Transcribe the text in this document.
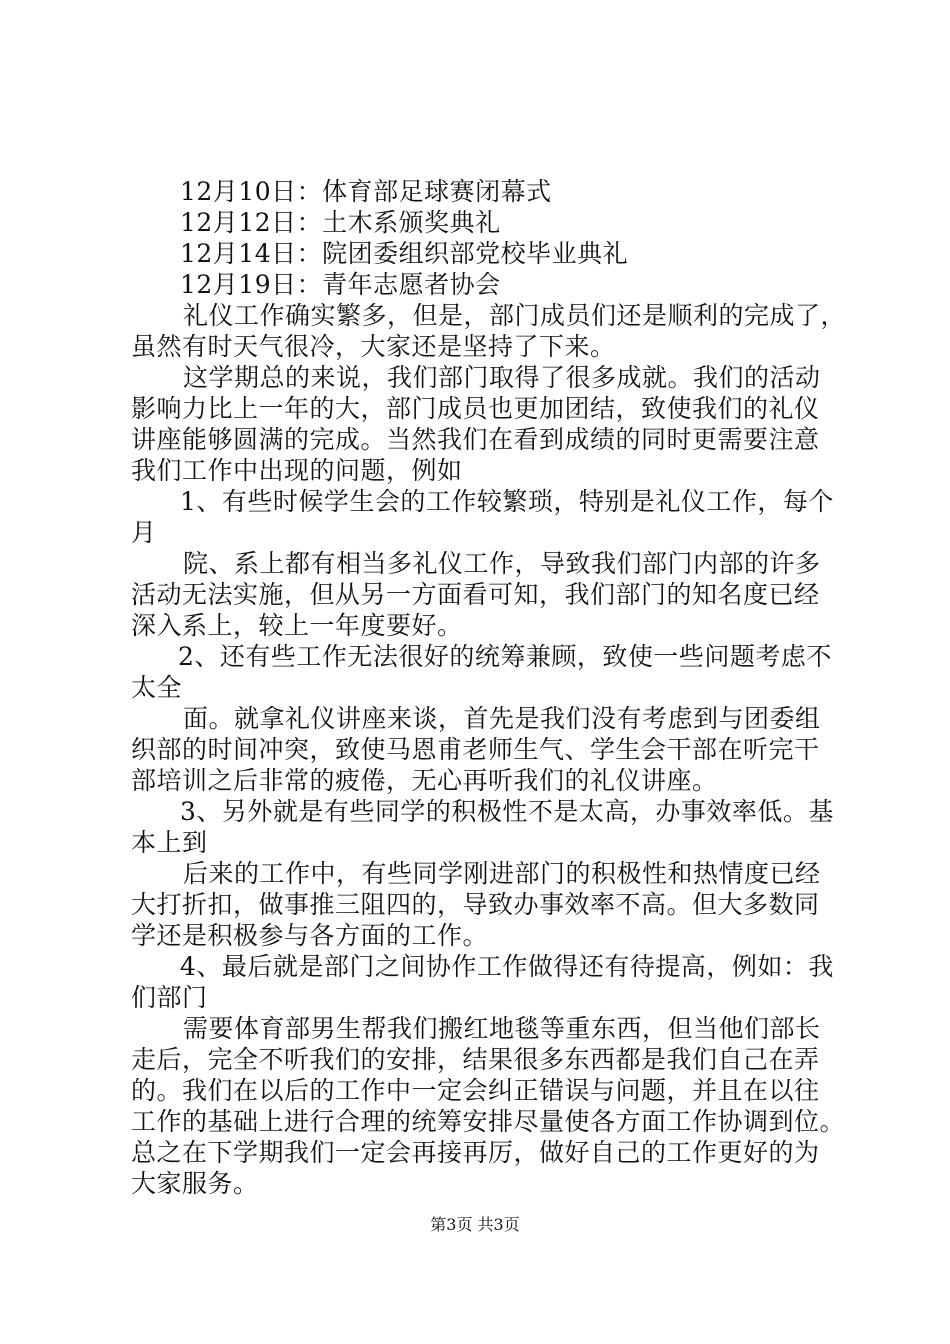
12月10日：体育部足球赛闭幕式
12月12日：土木系颁奖典礼
12月14日：院团委组织部党校毕业典礼
12月19日：青年志愿者协会
礼仪工作确实繁多，但是，部门成员们还是顺利的完成了，
虽然有时天气很冷，大家还是坚持了下来。
这学期总的来说，我们部门取得了很多成就。我们的活动
影响力比上一年的大，部门成员也更加团结，致使我们的礼仪
讲座能够圆满的完成。当然我们在看到成绩的同时更需要注意
我们工作中出现的问题，例如
1、有些时候学生会的工作较繁琐，特别是礼仪工作，每个
月
院、系上都有相当多礼仪工作，导致我们部门内部的许多
活动无法实施，但从另一方面看可知，我们部门的知名度已经
深入系上，较上一年度要好。
2、还有些工作无法很好的统筹兼顾，致使一些问题考虑不
太全
面。就拿礼仪讲座来谈，首先是我们没有考虑到与团委组
织部的时间冲突，致使马恩甫老师生气、学生会干部在听完干
部培训之后非常的疲倦，无心再听我们的礼仪讲座。
3、另外就是有些同学的积极性不是太高，办事效率低。基
本上到
后来的工作中，有些同学刚进部门的积极性和热情度已经
大打折扣，做事推三阻四的，导致办事效率不高。但大多数同
学还是积极参与各方面的工作。
4、最后就是部门之间协作工作做得还有待提高，例如：我
们部门
需要体育部男生帮我们搬红地毯等重东西，但当他们部长
走后，完全不听我们的安排，结果很多东西都是我们自己在弄
的。我们在以后的工作中一定会纠正错误与问题，并且在以往
工作的基础上进行合理的统筹安排尽量使各方面工作协调到位。
总之在下学期我们一定会再接再厉，做好自己的工作更好的为
大家服务。
第3页 共3页
